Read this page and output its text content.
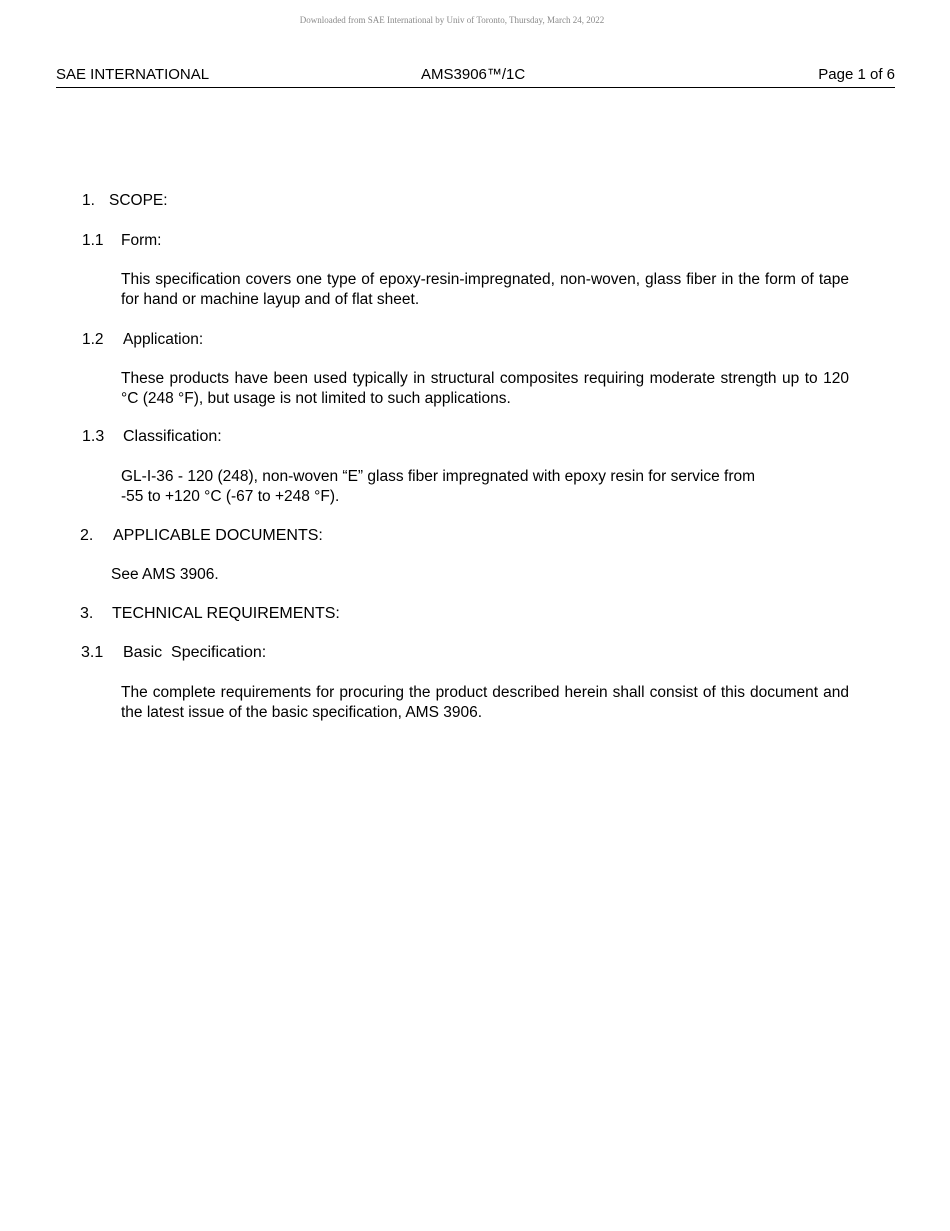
Downloaded from SAE International by Univ of Toronto, Thursday, March 24, 2022
SAE INTERNATIONAL	AMS3906™/1C	Page 1 of 6
1. SCOPE:
1.1 Form:
This specification covers one type of epoxy-resin-impregnated, non-woven, glass fiber in the form of tape for hand or machine layup and of flat sheet.
1.2 Application:
These products have been used typically in structural composites requiring moderate strength up to 120 °C (248 °F), but usage is not limited to such applications.
1.3 Classification:
GL-I-36 - 120 (248), non-woven “E” glass fiber impregnated with epoxy resin for service from
-55 to +120 °C (-67 to +248 °F).
2. APPLICABLE DOCUMENTS:
See AMS 3906.
3. TECHNICAL REQUIREMENTS:
3.1 Basic  Specification:
The complete requirements for procuring the product described herein shall consist of this document and the latest issue of the basic specification, AMS 3906.
